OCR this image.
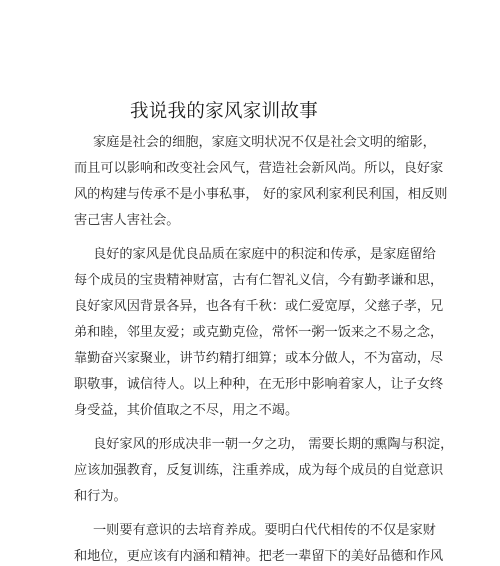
我说我的家风家训故事
家庭是社会的细胞，家庭文明状况不仅是社会文明的缩影，
而且可以影响和改变社会风气，营造社会新风尚。所以，良好家
风的构建与传承不是小事私事， 好的家风利家利民利国，相反则
害己害人害社会。
良好的家风是优良品质在家庭中的积淀和传承，是家庭留给
每个成员的宝贵精神财富，古有仁智礼义信，今有勤孝谦和思，
良好家风因背景各异，也各有千秋：或仁爱宽厚，父慈子孝，兄
弟和睦，邻里友爱；或克勤克俭，常怀一粥一饭来之不易之念，
靠勤奋兴家聚业，讲节约精打细算；或本分做人，不为富动，尽
职敬事，诚信待人。以上种种，在无形中影响着家人，让子女终
身受益，其价值取之不尽，用之不竭。
良好家风的形成决非一朝一夕之功， 需要长期的熏陶与积淀，
应该加强教育，反复训练，注重养成，成为每个成员的自觉意识
和行为。
一则要有意识的去培育养成。要明白代代相传的不仅是家财
和地位，更应该有内涵和精神。把老一辈留下的美好品德和作风
